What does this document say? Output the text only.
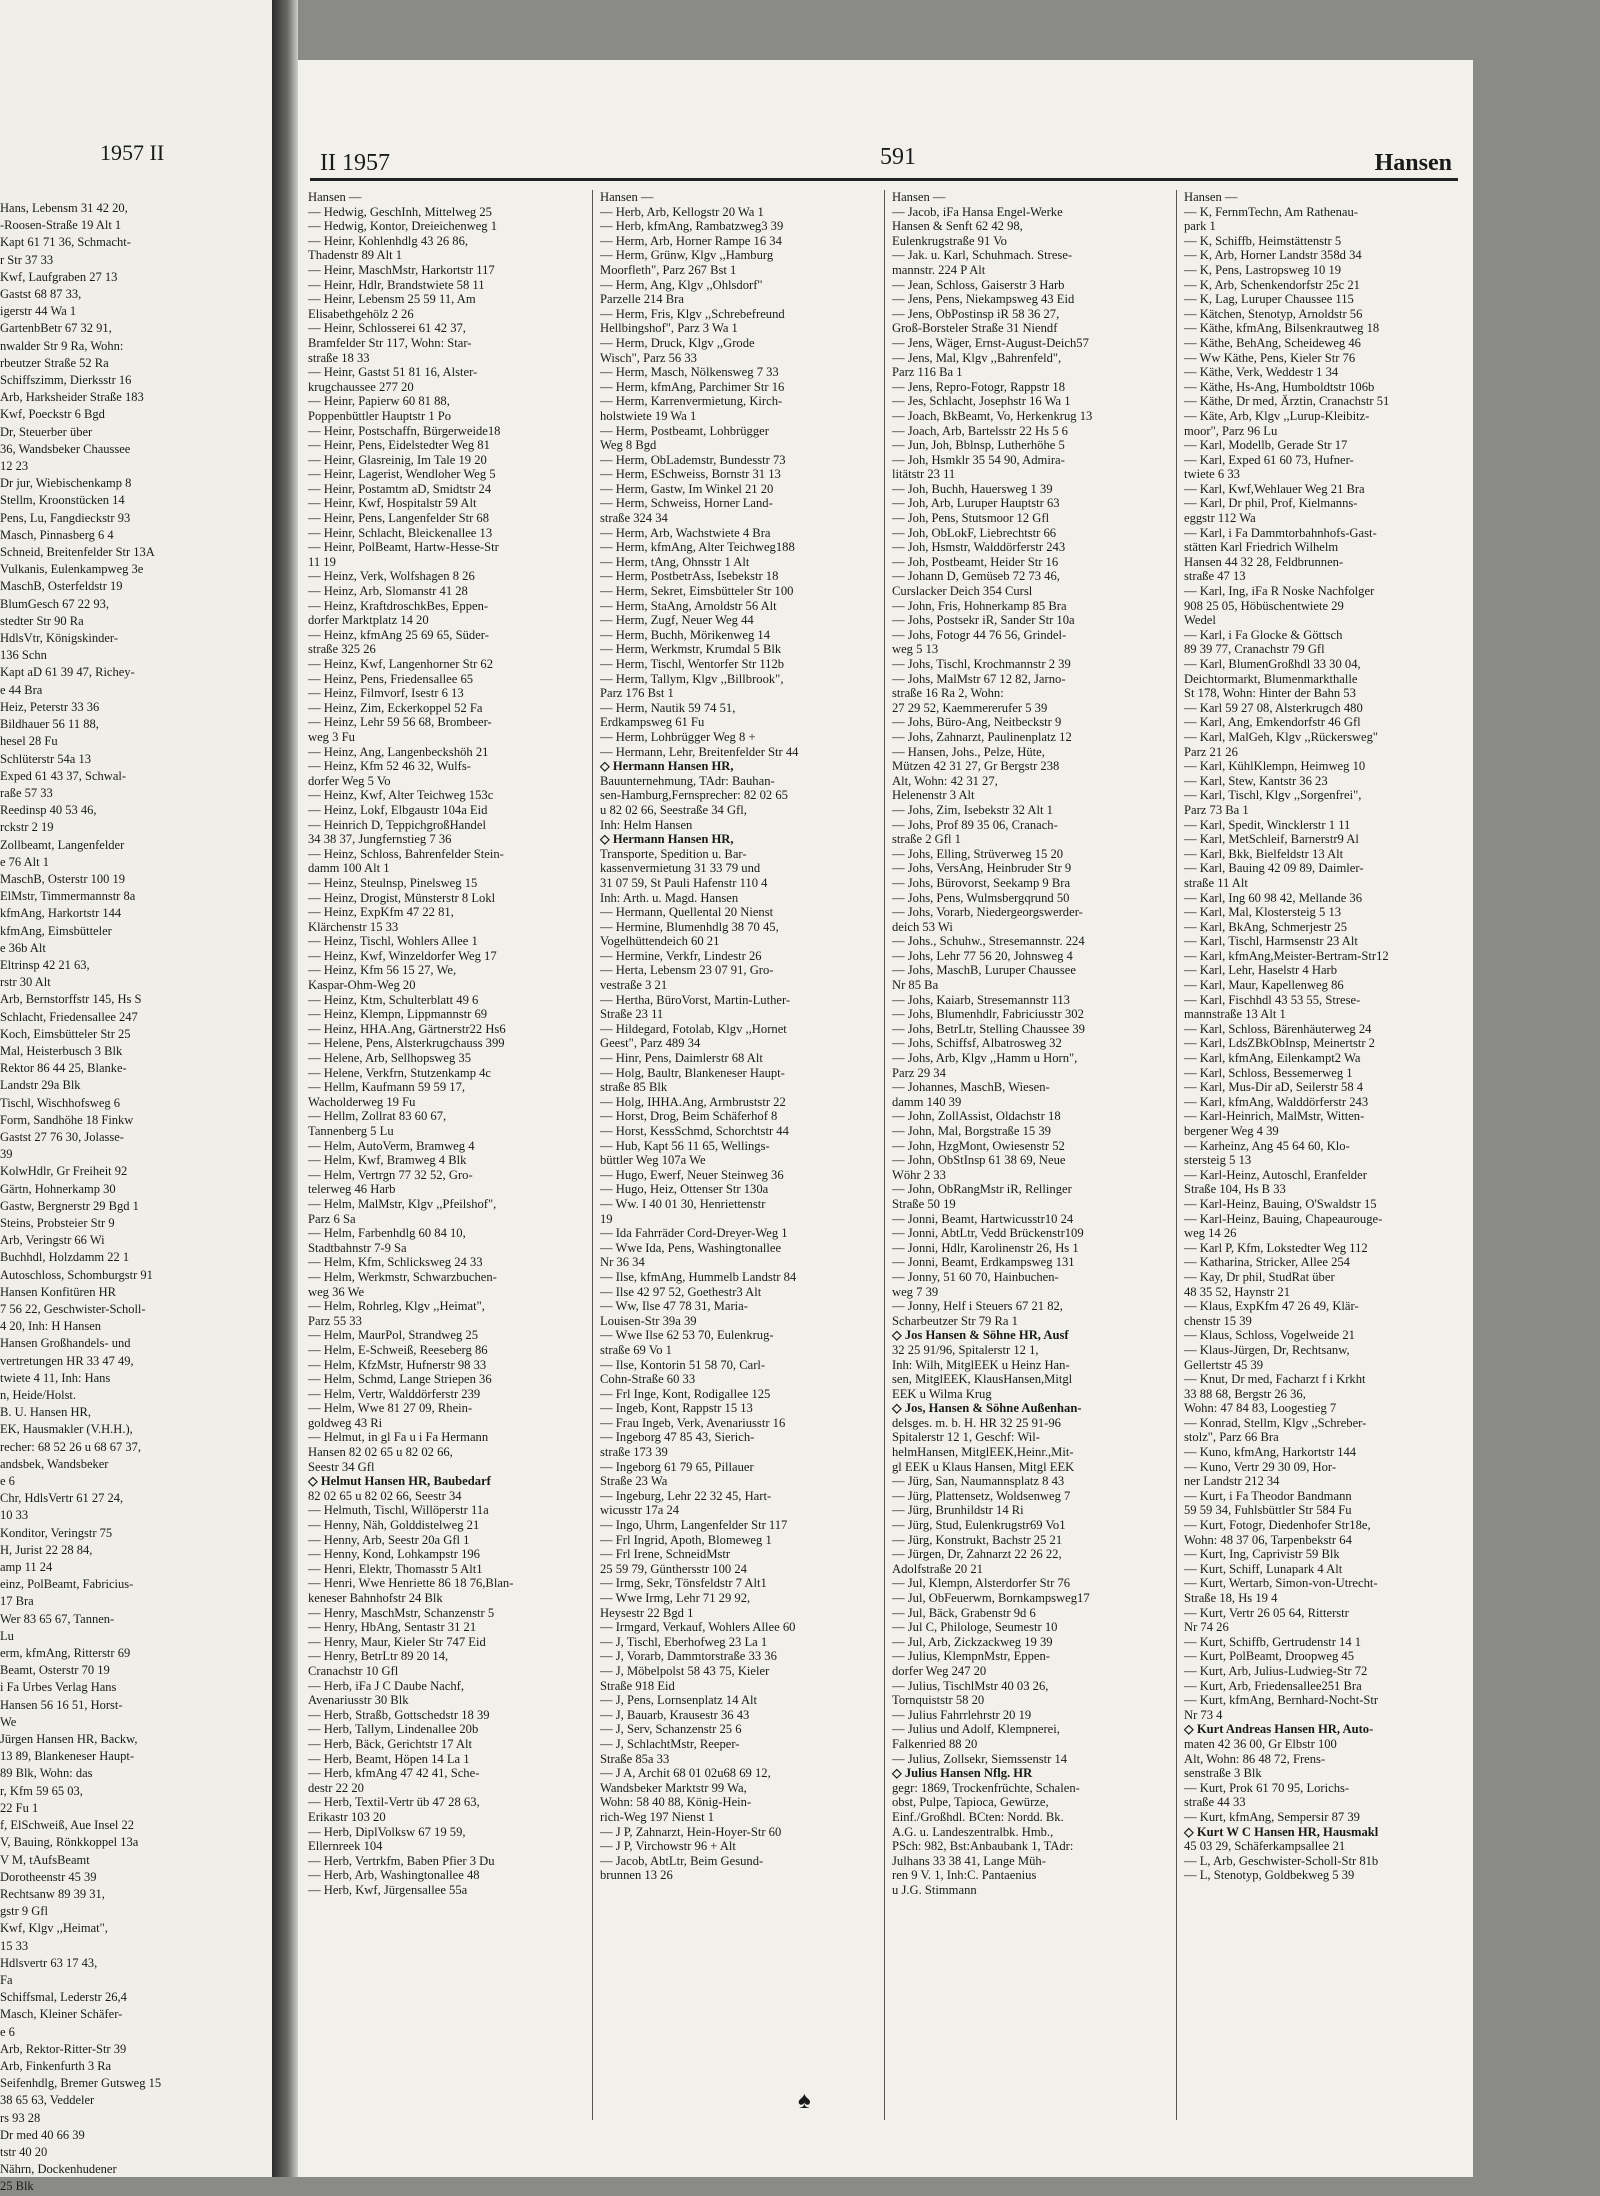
1957 II
Hans, Lebensm 31 42 20,
-Roosen-Straße 19 Alt 1
Kapt 61 71 36, Schmacht-
r Str 37 33
Kwf, Laufgraben 27 13
Gastst 68 87 33,
igerstr 44 Wa 1
GartenbBetr 67 32 91,
nwalder Str 9 Ra, Wohn:
rbeutzer Straße 52 Ra
Schiffszimm, Dierksstr 16
Arb, Harksheider Straße 183
Kwf, Poeckstr 6 Bgd
Dr, Steuerber über
36, Wandsbeker Chaussee
12 23
Dr jur, Wiebischenkamp 8
Stellm, Kroonstücken 14
Pens, Lu, Fangdieckstr 93
Masch, Pinnasberg 6 4
Schneid, Breitenfelder Str 13A
Vulkanis, Eulenkampweg 3e
MaschB, Osterfeldstr 19
BlumGesch 67 22 93,
stedter Str 90 Ra
HdlsVtr, Königskinder-
136 Schn
Kapt aD 61 39 47, Richey-
e 44 Bra
Heiz, Peterstr 33 36
Bildhauer 56 11 88,
hesel 28 Fu
Schlüterstr 54a 13
Exped 61 43 37, Schwal-
raße 57 33
Reedinsp 40 53 46,
rckstr 2 19
Zollbeamt, Langenfelder
e 76 Alt 1
MaschB, Osterstr 100 19
ElMstr, Timmermannstr 8a
kfmAng, Harkortstr 144
kfmAng, Eimsbütteler
e 36b Alt
Eltrinsp 42 21 63,
rstr 30 Alt
Arb, Bernstorffstr 145, Hs S
Schlacht, Friedensallee 247
Koch, Eimsbütteler Str 25
Mal, Heisterbusch 3 Blk
Rektor 86 44 25, Blanke-
Landstr 29a Blk
Tischl, Wischhofsweg 6
Form, Sandhöhe 18 Finkw
Gastst 27 76 30, Jolasse-
39
KolwHdlr, Gr Freiheit 92
Gärtn, Hohnerkamp 30
Gastw, Bergnerstr 29 Bgd 1
Steins, Probsteier Str 9
Arb, Veringstr 66 Wi
Buchhdl, Holzdamm 22 1
Autoschloss, Schomburgstr 91
Hansen Konfitüren HR
7 56 22, Geschwister-Scholl-
4 20, Inh: H Hansen
Hansen Großhandels- und
vertretungen HR 33 47 49,
twiete 4 11, Inh: Hans
n, Heide/Holst.
B. U. Hansen HR,
EK, Hausmakler (V.H.H.),
recher: 68 52 26 u 68 67 37,
andsbek, Wandsbeker
e 6
Chr, HdlsVertr 61 27 24,
10 33
Konditor, Veringstr 75
H, Jurist 22 28 84,
amp 11 24
einz, PolBeamt, Fabricius-
17 Bra
Wer 83 65 67, Tannen-
Lu
erm, kfmAng, Ritterstr 69
Beamt, Osterstr 70 19
i Fa Urbes Verlag Hans
Hansen 56 16 51, Horst-
We
Jürgen Hansen HR, Backw,
13 89, Blankeneser Haupt-
89 Blk, Wohn: das
r, Kfm 59 65 03,
22 Fu 1
f, ElSchweiß, Aue Insel 22
V, Bauing, Rönkkoppel 13a
V M, tAufsBeamt
Dorotheenstr 45 39
Rechtsanw 89 39 31,
gstr 9 Gfl
Kwf, Klgv ,,Heimat",
15 33
Hdlsvertr 63 17 43,
Fa
Schiffsmal, Lederstr 26,4
Masch, Kleiner Schäfer-
e 6
Arb, Rektor-Ritter-Str 39
Arb, Finkenfurth 3 Ra
Seifenhdlg, Bremer Gutsweg 15
38 65 63, Veddeler
rs 93 28
Dr med 40 66 39
tstr 40 20
Nährn, Dockenhudener
25 Blk
II 1957	591	Hansen
Hansen —
— Hedwig, GeschInh, Mittelweg 25
— Hedwig, Kontor, Dreieichenweg 1
— Heinr, Kohlenhdlg 43 26 86,
Thadenstr 89 Alt 1
— Heinr, MaschMstr, Harkortstr 117
— Heinr, Hdlr, Brandstwiete 58 11
— Heinr, Lebensm 25 59 11, Am
Elisabethgehölz 2 26
— Heinr, Schlosserei 61 42 37,
Bramfelder Str 117, Wohn: Star-
straße 18 33
— Heinr, Gastst 51 81 16, Alster-
krugchaussee 277 20
— Heinr, Papierw 60 81 88,
Poppenbüttler Hauptstr 1 Po
— Heinr, Postschaffn, Bürgerweide18
— Heinr, Pens, Eidelstedter Weg 81
— Heinr, Glasreinig, Im Tale 19 20
— Heinr, Lagerist, Wendloher Weg 5
— Heinr, Postamtm aD, Smidtstr 24
— Heinr, Kwf, Hospitalstr 59 Alt
— Heinr, Pens, Langenfelder Str 68
— Heinr, Schlacht, Bleickenallee 13
— Heinr, PolBeamt, Hartw-Hesse-Str
11 19
— Heinz, Verk, Wolfshagen 8 26
— Heinz, Arb, Slomanstr 41 28
— Heinz, KraftdroschkBes, Eppen-
dorfer Marktplatz 14 20
— Heinz, kfmAng 25 69 65, Süder-
straße 325 26
— Heinz, Kwf, Langenhorner Str 62
— Heinz, Pens, Friedensallee 65
— Heinz, Filmvorf, Isestr 6 13
— Heinz, Zim, Eckerkoppel 52 Fa
— Heinz, Lehr 59 56 68, Brombeer-
weg 3 Fu
— Heinz, Ang, Langenbeckshöh 21
— Heinz, Kfm 52 46 32, Wulfs-
dorfer Weg 5 Vo
— Heinz, Kwf, Alter Teichweg 153c
— Heinz, Lokf, Elbgaustr 104a Eid
— Heinrich D, TeppichgroßHandel
34 38 37, Jungfernstieg 7 36
— Heinz, Schloss, Bahrenfelder Stein-
damm 100 Alt 1
— Heinz, Steulnsp, Pinelsweg 15
— Heinz, Drogist, Münsterstr 8 Lokl
— Heinz, ExpKfm 47 22 81,
Klärchenstr 15 33
— Heinz, Tischl, Wohlers Allee 1
— Heinz, Kwf, Winzeldorfer Weg 17
— Heinz, Kfm 56 15 27, We,
Kaspar-Ohm-Weg 20
— Heinz, Ktm, Schulterblatt 49 6
— Heinz, Klempn, Lippmannstr 69
— Heinz, HHA.Ang, Gärtnerstr22 Hs6
— Helene, Pens, Alsterkrugchauss 399
— Helene, Arb, Sellhopsweg 35
— Helene, Verkfrn, Stutzenkamp 4c
— Hellm, Kaufmann 59 59 17,
Wacholderweg 19 Fu
— Hellm, Zollrat 83 60 67,
Tannenberg 5 Lu
— Helm, AutoVerm, Bramweg 4
— Helm, Kwf, Bramweg 4 Blk
— Helm, Vertrgn 77 32 52, Gro-
telerweg 46 Harb
— Helm, MalMstr, Klgv ,,Pfeilshof",
Parz 6 Sa
— Helm, Farbenhdlg 60 84 10,
Stadtbahnstr 7-9 Sa
— Helm, Kfm, Schlicksweg 24 33
— Helm, Werkmstr, Schwarzbuchen-
weg 36 We
— Helm, Rohrleg, Klgv ,,Heimat",
Parz 55 33
— Helm, MaurPol, Strandweg 25
— Helm, E-Schweiß, Reeseberg 86
— Helm, KfzMstr, Hufnerstr 98 33
— Helm, Schmd, Lange Striepen 36
— Helm, Vertr, Walddörferstr 239
— Helm, Wwe 81 27 09, Rhein-
goldweg 43 Ri
— Helmut, in gl Fa u i Fa Hermann
Hansen 82 02 65 u 82 02 66,
Seestr 34 Gfl
◇ Helmut Hansen HR, Baubedarf
82 02 65 u 82 02 66, Seestr 34
— Helmuth, Tischl, Willöperstr 11a
— Henny, Näh, Golddistelweg 21
— Henny, Arb, Seestr 20a Gfl 1
— Henny, Kond, Lohkampstr 196
— Henri, Elektr, Thomasstr 5 Alt1
— Henri, Wwe Henriette 86 18 76,Blan-
keneser Bahnhofstr 24 Blk
— Henry, MaschMstr, Schanzenstr 5
— Henry, HbAng, Sentastr 31 21
— Henry, Maur, Kieler Str 747 Eid
— Henry, BetrLtr 89 20 14,
Cranachstr 10 Gfl
— Herb, iFa J C Daube Nachf,
Avenariusstr 30 Blk
— Herb, Straßb, Gottschedstr 18 39
— Herb, Tallym, Lindenallee 20b
— Herb, Bäck, Gerichtstr 17 Alt
— Herb, Beamt, Höpen 14 La 1
— Herb, kfmAng 47 42 41, Sche-
destr 22 20
— Herb, Textil-Vertr üb 47 28 63,
Erikastr 103 20
— Herb, DiplVolksw 67 19 59,
Ellernreek 104
— Herb, Vertrkfm, Baben Pfier 3 Du
— Herb, Arb, Washingtonallee 48
— Herb, Kwf, Jürgensallee 55a
Hansen —
— Herb, Arb, Kellogstr 20 Wa 1
— Herb, kfmAng, Rambatzweg3 39
— Herm, Arb, Horner Rampe 16 34
— Herm, Grünw, Klgv ,,Hamburg
Moorfleth", Parz 267 Bst 1
— Herm, Ang, Klgv ,,Ohlsdorf"
Parzelle 214 Bra
— Herm, Fris, Klgv ,,Schrebefreund
Hellbingshof", Parz 3 Wa 1
— Herm, Druck, Klgv ,,Grode
Wisch", Parz 56 33
— Herm, Masch, Nölkensweg 7 33
— Herm, kfmAng, Parchimer Str 16
— Herm, Karrenvermietung, Kirch-
holstwiete 19 Wa 1
— Herm, Postbeamt, Lohbrügger
Weg 8 Bgd
— Herm, ObLademstr, Bundesstr 73
— Herm, ESchweiss, Bornstr 31 13
— Herm, Gastw, Im Winkel 21 20
— Herm, Schweiss, Horner Land-
straße 324 34
— Herm, Arb, Wachstwiete 4 Bra
— Herm, kfmAng, Alter Teichweg188
— Herm, tAng, Ohnsstr 1 Alt
— Herm, PostbetrAss, Isebekstr 18
— Herm, Sekret, Eimsbütteler Str 100
— Herm, StaAng, Arnoldstr 56 Alt
— Herm, Zugf, Neuer Weg 44
— Herm, Buchh, Mörikenweg 14
— Herm, Werkmstr, Krumdal 5 Blk
— Herm, Tischl, Wentorfer Str 112b
— Herm, Tallym, Klgv ,,Billbrook",
Parz 176 Bst 1
— Herm, Nautik 59 74 51,
Erdkampsweg 61 Fu
— Herm, Lohbrügger Weg 8 +
— Hermann, Lehr, Breitenfelder Str 44
◇ Hermann Hansen HR,
Bauunternehmung, TAdr: Bauhan-
sen-Hamburg,Fernsprecher: 82 02 65
u 82 02 66, Seestraße 34 Gfl,
Inh: Helm Hansen
◇ Hermann Hansen HR,
Transporte, Spedition u. Bar-
kassenvermietung 31 33 79 und
31 07 59, St Pauli Hafenstr 110 4
Inh: Arth. u. Magd. Hansen
— Hermann, Quellental 20 Nienst
— Hermine, Blumenhdlg 38 70 45,
Vogelhüttendeich 60 21
— Hermine, Verkfr, Lindestr 26
— Herta, Lebensm 23 07 91, Gro-
vestraße 3 21
— Hertha, BüroVorst, Martin-Luther-
Straße 23 11
— Hildegard, Fotolab, Klgv ,,Hornet
Geest", Parz 489 34
— Hinr, Pens, Daimlerstr 68 Alt
— Holg, Baultr, Blankeneser Haupt-
straße 85 Blk
— Holg, IHHA.Ang, Armbruststr 22
— Horst, Drog, Beim Schäferhof 8
— Horst, KessSchmd, Schorchtstr 44
— Hub, Kapt 56 11 65, Wellings-
büttler Weg 107a We
— Hugo, Ewerf, Neuer Steinweg 36
— Hugo, Heiz, Ottenser Str 130a
— Ww. I 40 01 30, Henriettenstr
19
— Ida Fahrräder Cord-Dreyer-Weg 1
— Wwe Ida, Pens, Washingtonallee
Nr 36 34
— Ilse, kfmAng, Hummelb Landstr 84
— Ilse 42 97 52, Goethestr3 Alt
— Ww, Ilse 47 78 31, Maria-
Louisen-Str 39a 39
— Wwe Ilse 62 53 70, Eulenkrug-
straße 69 Vo 1
— Ilse, Kontorin 51 58 70, Carl-
Cohn-Straße 60 33
— Frl Inge, Kont, Rodigallee 125
— Ingeb, Kont, Rappstr 15 13
— Frau Ingeb, Verk, Avenariusstr 16
— Ingeborg 47 85 43, Sierich-
straße 173 39
— Ingeborg 61 79 65, Pillauer
Straße 23 Wa
— Ingeburg, Lehr 22 32 45, Hart-
wicusstr 17a 24
— Ingo, Uhrm, Langenfelder Str 117
— Frl Ingrid, Apoth, Blomeweg 1
— Frl Irene, SchneidMstr
25 59 79, Günthersstr 100 24
— Irmg, Sekr, Tönsfeldstr 7 Alt1
— Wwe Irmg, Lehr 71 29 92,
Heysestr 22 Bgd 1
— Irmgard, Verkauf, Wohlers Allee 60
— J, Tischl, Eberhofweg 23 La 1
— J, Vorarb, Dammtorstraße 33 36
— J, Möbelpolst 58 43 75, Kieler
Straße 918 Eid
— J, Pens, Lornsenplatz 14 Alt
— J, Bauarb, Krausestr 36 43
— J, Serv, Schanzenstr 25 6
— J, SchlachtMstr, Reeper-
Straße 85a 33
— J A, Archit 68 01 02u68 69 12,
Wandsbeker Marktstr 99 Wa,
Wohn: 58 40 88, König-Hein-
rich-Weg 197 Nienst 1
— J P, Zahnarzt, Hein-Hoyer-Str 60
— J P, Virchowstr 96 + Alt
— Jacob, AbtLtr, Beim Gesund-
brunnen 13 26
Hansen —
— Jacob, iFa Hansa Engel-Werke
Hansen & Senft 62 42 98,
Eulenkrugstraße 91 Vo
— Jak. u. Karl, Schuhmach. Strese-
mannstr. 224 P Alt
— Jean, Schloss, Gaiserstr 3 Harb
— Jens, Pens, Niekampsweg 43 Eid
— Jens, ObPostinsp iR 58 36 27,
Groß-Borsteler Straße 31 Niendf
— Jens, Wäger, Ernst-August-Deich57
— Jens, Mal, Klgv ,,Bahrenfeld",
Parz 116 Ba 1
— Jens, Repro-Fotogr, Rappstr 18
— Jes, Schlacht, Josephstr 16 Wa 1
— Joach, BkBeamt, Vo, Herkenkrug 13
— Joach, Arb, Bartelsstr 22 Hs 5 6
— Jun, Joh, Bblnsp, Lutherhöhe 5
— Joh, Hsmklr 35 54 90, Admira-
litätstr 23 11
— Joh, Buchh, Hauersweg 1 39
— Joh, Arb, Luruper Hauptstr 63
— Joh, Pens, Stutsmoor 12 Gfl
— Joh, ObLokF, Liebrechtstr 66
— Joh, Hsmstr, Walddörferstr 243
— Joh, Postbeamt, Heider Str 16
— Johann D, Gemüseb 72 73 46,
Curslacker Deich 354 Cursl
— John, Fris, Hohnerkamp 85 Bra
— Johs, Postsekr iR, Sander Str 10a
— Johs, Fotogr 44 76 56, Grindel-
weg 5 13
— Johs, Tischl, Krochmannstr 2 39
— Johs, MalMstr 67 12 82, Jarno-
straße 16 Ra 2, Wohn:
27 29 52, Kaemmererufer 5 39
— Johs, Büro-Ang, Neitbeckstr 9
— Johs, Zahnarzt, Paulinenplatz 12
— Hansen, Johs., Pelze, Hüte,
Mützen 42 31 27, Gr Bergstr 238
Alt, Wohn: 42 31 27,
Helenenstr 3 Alt
— Johs, Zim, Isebekstr 32 Alt 1
— Johs, Prof 89 35 06, Cranach-
straße 2 Gfl 1
— Johs, Elling, Strüverweg 15 20
— Johs, VersAng, Heinbruder Str 9
— Johs, Bürovorst, Seekamp 9 Bra
— Johs, Pens, Wulmsbergqrund 50
— Johs, Vorarb, Niedergeorgswerder-
deich 53 Wi
— Johs., Schuhw., Stresemannstr. 224
— Johs, Lehr 77 56 20, Johnsweg 4
— Johs, MaschB, Luruper Chaussee
Nr 85 Ba
— Johs, Kaiarb, Stresemannstr 113
— Johs, Blumenhdlr, Fabriciusstr 302
— Johs, BetrLtr, Stelling Chaussee 39
— Johs, Schiffsf, Albatrosweg 32
— Johs, Arb, Klgv ,,Hamm u Horn",
Parz 29 34
— Johannes, MaschB, Wiesen-
damm 140 39
— John, ZollAssist, Oldachstr 18
— John, Mal, Borgstraße 15 39
— John, HzgMont, Owiesenstr 52
— John, ObStInsp 61 38 69, Neue
Wöhr 2 33
— John, ObRangMstr iR, Rellinger
Straße 50 19
— Jonni, Beamt, Hartwicusstr10 24
— Jonni, AbtLtr, Vedd Brückenstr109
— Jonni, Hdlr, Karolinenstr 26, Hs 1
— Jonni, Beamt, Erdkampsweg 131
— Jonny, 51 60 70, Hainbuchen-
weg 7 39
— Jonny, Helf i Steuers 67 21 82,
Scharbeutzer Str 79 Ra 1
◇ Jos Hansen & Söhne HR, Ausf
32 25 91/96, Spitalerstr 12 1,
Inh: Wilh, MitglEEK u Heinz Han-
sen, MitglEEK, KlausHansen,Mitgl
EEK u Wilma Krug
◇ Jos, Hansen & Söhne Außenhan-
delsges. m. b. H. HR 32 25 91-96
Spitalerstr 12 1, Geschf: Wil-
helmHansen, MitglEEK,Heinr.,Mit-
gl EEK u Klaus Hansen, Mitgl EEK
— Jürg, San, Naumannsplatz 8 43
— Jürg, Plattensetz, Woldsenweg 7
— Jürg, Brunhildstr 14 Ri
— Jürg, Stud, Eulenkrugstr69 Vo1
— Jürg, Konstrukt, Bachstr 25 21
— Jürgen, Dr, Zahnarzt 22 26 22,
Adolfstraße 20 21
— Jul, Klempn, Alsterdorfer Str 76
— Jul, ObFeuerwm, Bornkampsweg17
— Jul, Bäck, Grabenstr 9d 6
— Jul C, Philologe, Seumestr 10
— Jul, Arb, Zickzackweg 19 39
— Julius, KlempnMstr, Eppen-
dorfer Weg 247 20
— Julius, TischlMstr 40 03 26,
Tornquiststr 58 20
— Julius Fahrrlehrstr 20 19
— Julius und Adolf, Klempnerei,
Falkenried 88 20
— Julius, Zollsekr, Siemssenstr 14
◇ Julius Hansen Nflg. HR
gegr: 1869, Trockenfrüchte, Schalen-
obst, Pulpe, Tapioca, Gewürze,
Einf./Großhdl. BCten: Nordd. Bk.
A.G. u. Landeszentralbk. Hmb.,
PSch: 982, Bst:Anbaubank 1, TAdr:
Julhans 33 38 41, Lange Müh-
ren 9 V. 1, Inh:C. Pantaenius
u J.G. Stimmann
Hansen —
— K, FernmTechn, Am Rathenau-
park 1
— K, Schiffb, Heimstättenstr 5
— K, Arb, Horner Landstr 358d 34
— K, Pens, Lastropsweg 10 19
— K, Arb, Schenkendorfstr 25c 21
— K, Lag, Luruper Chaussee 115
— Kätchen, Stenotyp, Arnoldstr 56
— Käthe, kfmAng, Bilsenkrautweg 18
— Käthe, BehAng, Scheideweg 46
— Ww Käthe, Pens, Kieler Str 76
— Käthe, Verk, Weddestr 1 34
— Käthe, Hs-Ang, Humboldtstr 106b
— Käthe, Dr med, Ärztin, Cranachstr 51
— Käte, Arb, Klgv ,,Lurup-Kleibitz-
moor", Parz 96 Lu
— Karl, Modellb, Gerade Str 17
— Karl, Exped 61 60 73, Hufner-
twiete 6 33
— Karl, Kwf,Wehlauer Weg 21 Bra
— Karl, Dr phil, Prof, Kielmanns-
eggstr 112 Wa
— Karl, i Fa Dammtorbahnhofs-Gast-
stätten Karl Friedrich Wilhelm
Hansen 44 32 28, Feldbrunnen-
straße 47 13
— Karl, Ing, iFa R Noske Nachfolger
908 25 05, Höbüschentwiete 29
Wedel
— Karl, i Fa Glocke & Göttsch
89 39 77, Cranachstr 79 Gfl
— Karl, BlumenGroßhdl 33 30 04,
Deichtormarkt, Blumenmarkthalle
St 178, Wohn: Hinter der Bahn 53
— Karl 59 27 08, Alsterkrugch 480
— Karl, Ang, Emkendorfstr 46 Gfl
— Karl, MalGeh, Klgv ,,Rückersweg"
Parz 21 26
— Karl, KühlKlempn, Heimweg 10
— Karl, Stew, Kantstr 36 23
— Karl, Tischl, Klgv ,,Sorgenfrei",
Parz 73 Ba 1
— Karl, Spedit, Wincklerstr 1 11
— Karl, MetSchleif, Barnerstr9 Al
— Karl, Bkk, Bielfeldstr 13 Alt
— Karl, Bauing 42 09 89, Daimler-
straße 11 Alt
— Karl, Ing 60 98 42, Mellande 36
— Karl, Mal, Klostersteig 5 13
— Karl, BkAng, Schmerjestr 25
— Karl, Tischl, Harmsenstr 23 Alt
— Karl, kfmAng,Meister-Bertram-Str12
— Karl, Lehr, Haselstr 4 Harb
— Karl, Maur, Kapellenweg 86
— Karl, Fischhdl 43 53 55, Strese-
mannstraße 13 Alt 1
— Karl, Schloss, Bärenhäuterweg 24
— Karl, LdsZBkObInsp, Meinertstr 2
— Karl, kfmAng, Eilenkampt2 Wa
— Karl, Schloss, Bessemerweg 1
— Karl, Mus-Dir aD, Seilerstr 58 4
— Karl, kfmAng, Walddörferstr 243
— Karl-Heinrich, MalMstr, Witten-
bergener Weg 4 39
— Karheinz, Ang 45 64 60, Klo-
stersteig 5 13
— Karl-Heinz, Autoschl, Eranfelder
Straße 104, Hs B 33
— Karl-Heinz, Bauing, O'Swaldstr 15
— Karl-Heinz, Bauing, Chapeaurouge-
weg 14 26
— Karl P, Kfm, Lokstedter Weg 112
— Katharina, Stricker, Allee 254
— Kay, Dr phil, StudRat über
48 35 52, Haynstr 21
— Klaus, ExpKfm 47 26 49, Klär-
chenstr 15 39
— Klaus, Schloss, Vogelweide 21
— Klaus-Jürgen, Dr, Rechtsanw,
Gellertstr 45 39
— Knut, Dr med, Facharzt f i Krkht
33 88 68, Bergstr 26 36,
Wohn: 47 84 83, Loogestieg 7
— Konrad, Stellm, Klgv ,,Schreber-
stolz", Parz 66 Bra
— Kuno, kfmAng, Harkortstr 144
— Kuno, Vertr 29 30 09, Hor-
ner Landstr 212 34
— Kurt, i Fa Theodor Bandmann
59 59 34, Fuhlsbüttler Str 584 Fu
— Kurt, Fotogr, Diedenhofer Str18e,
Wohn: 48 37 06, Tarpenbekstr 64
— Kurt, Ing, Caprivistr 59 Blk
— Kurt, Schiff, Lunapark 4 Alt
— Kurt, Wertarb, Simon-von-Utrecht-
Straße 18, Hs 19 4
— Kurt, Vertr 26 05 64, Ritterstr
Nr 74 26
— Kurt, Schiffb, Gertrudenstr 14 1
— Kurt, PolBeamt, Droopweg 45
— Kurt, Arb, Julius-Ludwieg-Str 72
— Kurt, Arb, Friedensallee251 Bra
— Kurt, kfmAng, Bernhard-Nocht-Str
Nr 73 4
◇ Kurt Andreas Hansen HR, Auto-
maten 42 36 00, Gr Elbstr 100
Alt, Wohn: 86 48 72, Frens-
senstraße 3 Blk
— Kurt, Prok 61 70 95, Lorichs-
straße 44 33
— Kurt, kfmAng, Sempersir 87 39
◇ Kurt W C Hansen HR, Hausmakl
45 03 29, Schäferkampsallee 21
— L, Arb, Geschwister-Scholl-Str 81b
— L, Stenotyp, Goldbekweg 5 39
♠
